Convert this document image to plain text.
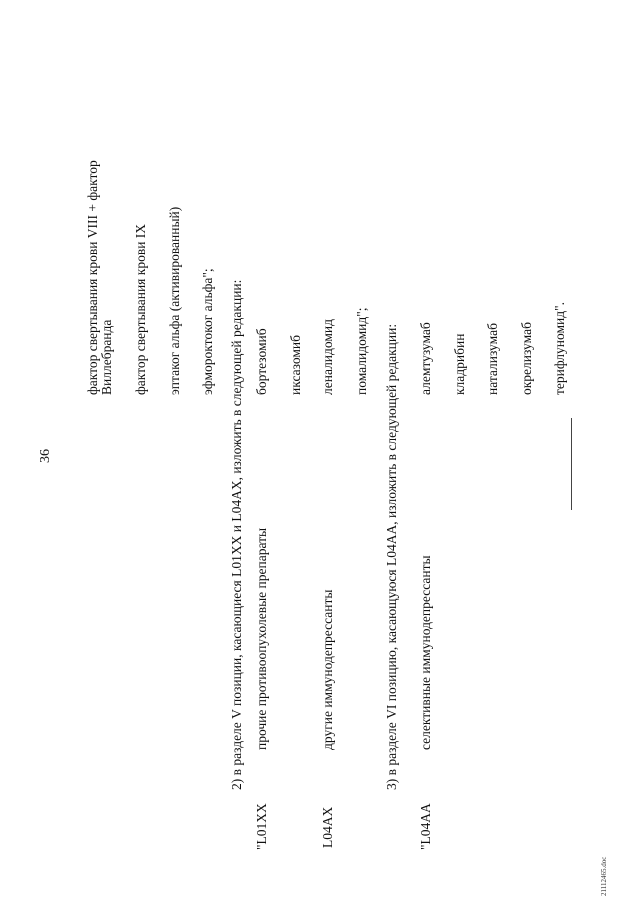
36
фактор свертывания крови VIII + фактор Виллебранда фактор свертывания крови IX эптаког альфа (активированный) эфмороктоког альфа"; 2) в разделе V позиции, касающиеся L01XX и L04AX, изложить в следующей редакции:
"L01XX
прочие противоопухолевые препараты
бортезомиб иксазомиб
L04AX
другие иммунодепрессанты
леналидомид помалидомид"; 3) в разделе VI позицию, касающуюся L04AA, изложить в следующей редакции:
"L04AA
селективные иммунодепрессанты
алемтузумаб кладрибин натализумаб окрелизумаб терифлуномид".
21112465.doc
